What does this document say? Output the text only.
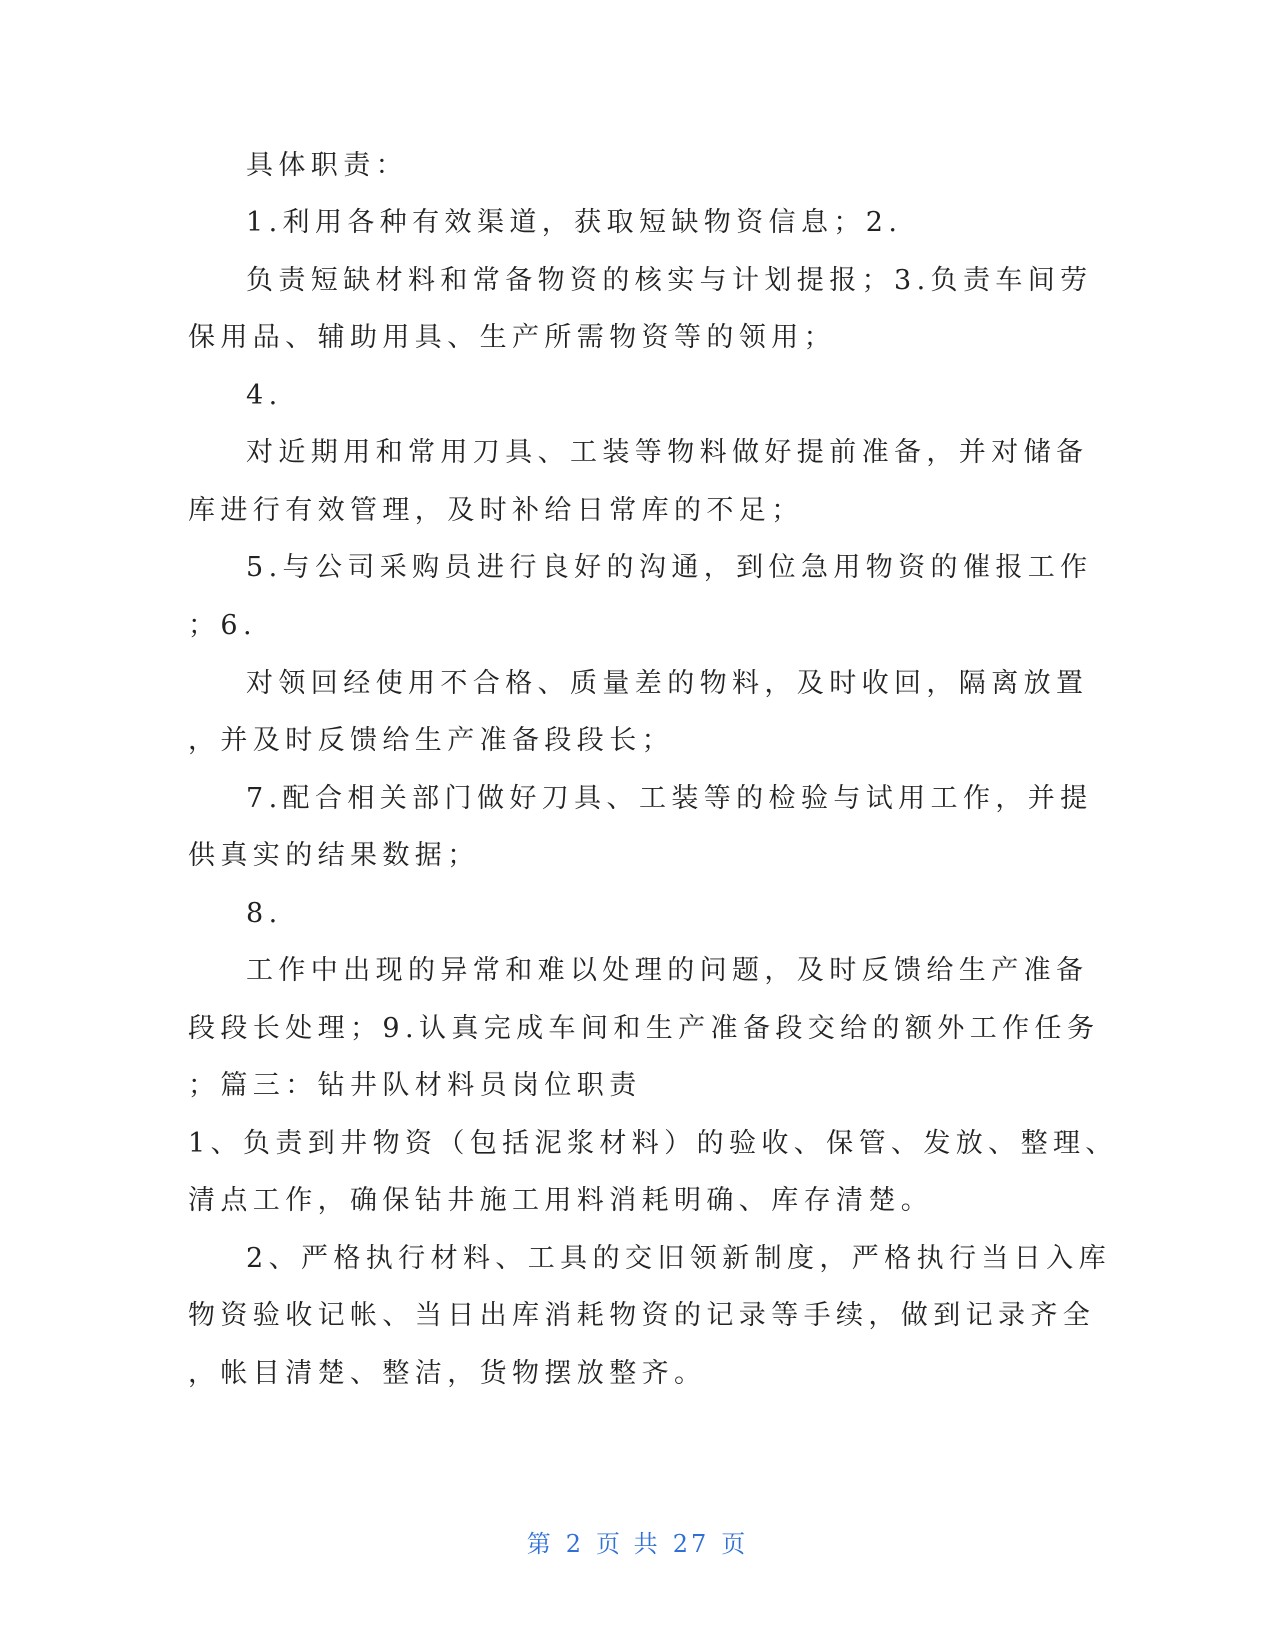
具体职责：
1.利用各种有效渠道，获取短缺物资信息；2.
负责短缺材料和常备物资的核实与计划提报；3.负责车间劳
保用品、辅助用具、生产所需物资等的领用；
4.
对近期用和常用刀具、工装等物料做好提前准备，并对储备
库进行有效管理，及时补给日常库的不足；
5.与公司采购员进行良好的沟通，到位急用物资的催报工作
；6.
对领回经使用不合格、质量差的物料，及时收回，隔离放置
，并及时反馈给生产准备段段长；
7.配合相关部门做好刀具、工装等的检验与试用工作，并提
供真实的结果数据；
8.
工作中出现的异常和难以处理的问题，及时反馈给生产准备
段段长处理；9.认真完成车间和生产准备段交给的额外工作任务
；篇三：钻井队材料员岗位职责
1、负责到井物资（包括泥浆材料）的验收、保管、发放、整理、
清点工作，确保钻井施工用料消耗明确、库存清楚。
2、严格执行材料、工具的交旧领新制度，严格执行当日入库
物资验收记帐、当日出库消耗物资的记录等手续，做到记录齐全
，帐目清楚、整洁，货物摆放整齐。
第 2 页 共 27 页
